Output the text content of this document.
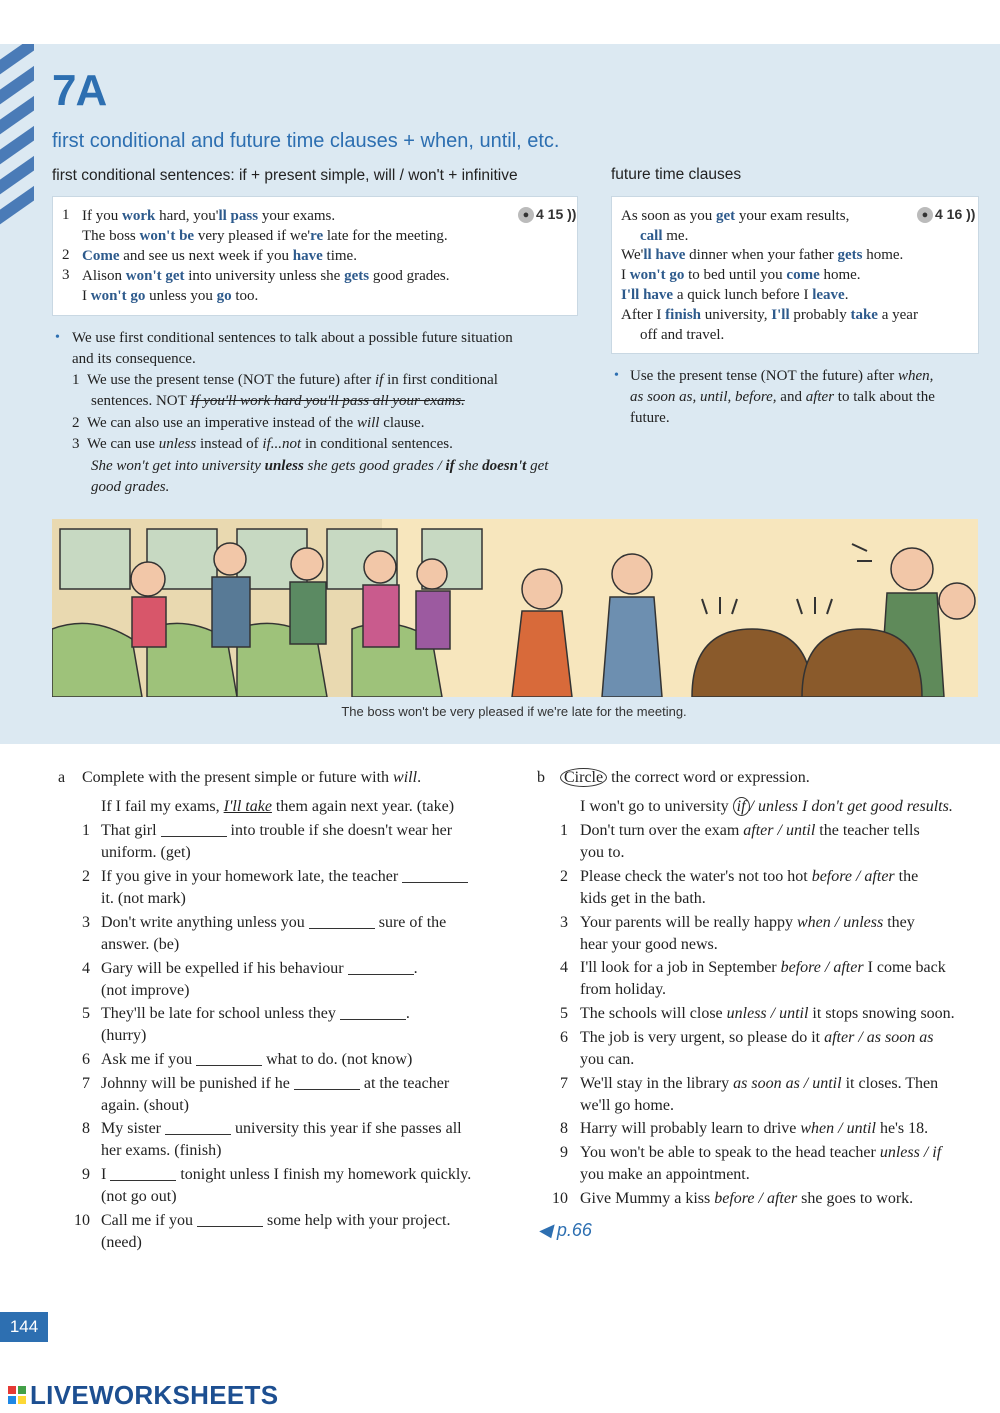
7A
first conditional and future time clauses + when, until, etc.
first conditional sentences: if + present simple, will / won't + infinitive
● 4 15 ))
1 If you work hard, you'll pass your exams.
The boss won't be very pleased if we're late for the meeting.
2 Come and see us next week if you have time.
3 Alison won't get into university unless she gets good grades.
I won't go unless you go too.
• We use first conditional sentences to talk about a possible future situation
and its consequence.
1  We use the present tense (NOT the future) after if in first conditional
sentences. NOT If you'll work hard you'll pass all your exams.
2  We can also use an imperative instead of the will clause.
3  We can use unless instead of if...not in conditional sentences.
She won't get into university unless she gets good grades / if she doesn't get
good grades.
future time clauses
● 4 16 ))
As soon as you get your exam results,
call me.
We'll have dinner when your father gets home.
I won't go to bed until you come home.
I'll have a quick lunch before I leave.
After I finish university, I'll probably take a year
off and travel.
• Use the present tense (NOT the future) after when,
as soon as, until, before, and after to talk about the
future.
The boss won't be very pleased if we're late for the meeting.
a Complete with the present simple or future with will.
If I fail my exams, I'll take them again next year. (take)
1 That girl	into trouble if she doesn't wear her
uniform. (get)
2 If you give in your homework late, the teacher
it. (not mark)
3 Don't write anything unless you	sure of the
answer. (be)
4 Gary will be expelled if his behaviour	.
(not improve)
5 They'll be late for school unless they	.
(hurry)
6 Ask me if you	what to do. (not know)
7 Johnny will be punished if he	at the teacher
again. (shout)
8 My sister	university this year if she passes all
her exams. (finish)
9 I	tonight unless I finish my homework quickly.
(not go out)
10 Call me if you	some help with your project.
(need)
b Circle the correct word or expression.
I won't go to university if / unless I don't get good results.
1 Don't turn over the exam after / until the teacher tells
you to.
2 Please check the water's not too hot before / after the
kids get in the bath.
3 Your parents will be really happy when / unless they
hear your good news.
4 I'll look for a job in September before / after I come back
from holiday.
5 The schools will close unless / until it stops snowing soon.
6 The job is very urgent, so please do it after / as soon as
you can.
7 We'll stay in the library as soon as / until it closes. Then
we'll go home.
8 Harry will probably learn to drive when / until he's 18.
9 You won't be able to speak to the head teacher unless / if
you make an appointment.
10 Give Mummy a kiss before / after she goes to work.
◀ p.66
144
LIVEWORKSHEETS
